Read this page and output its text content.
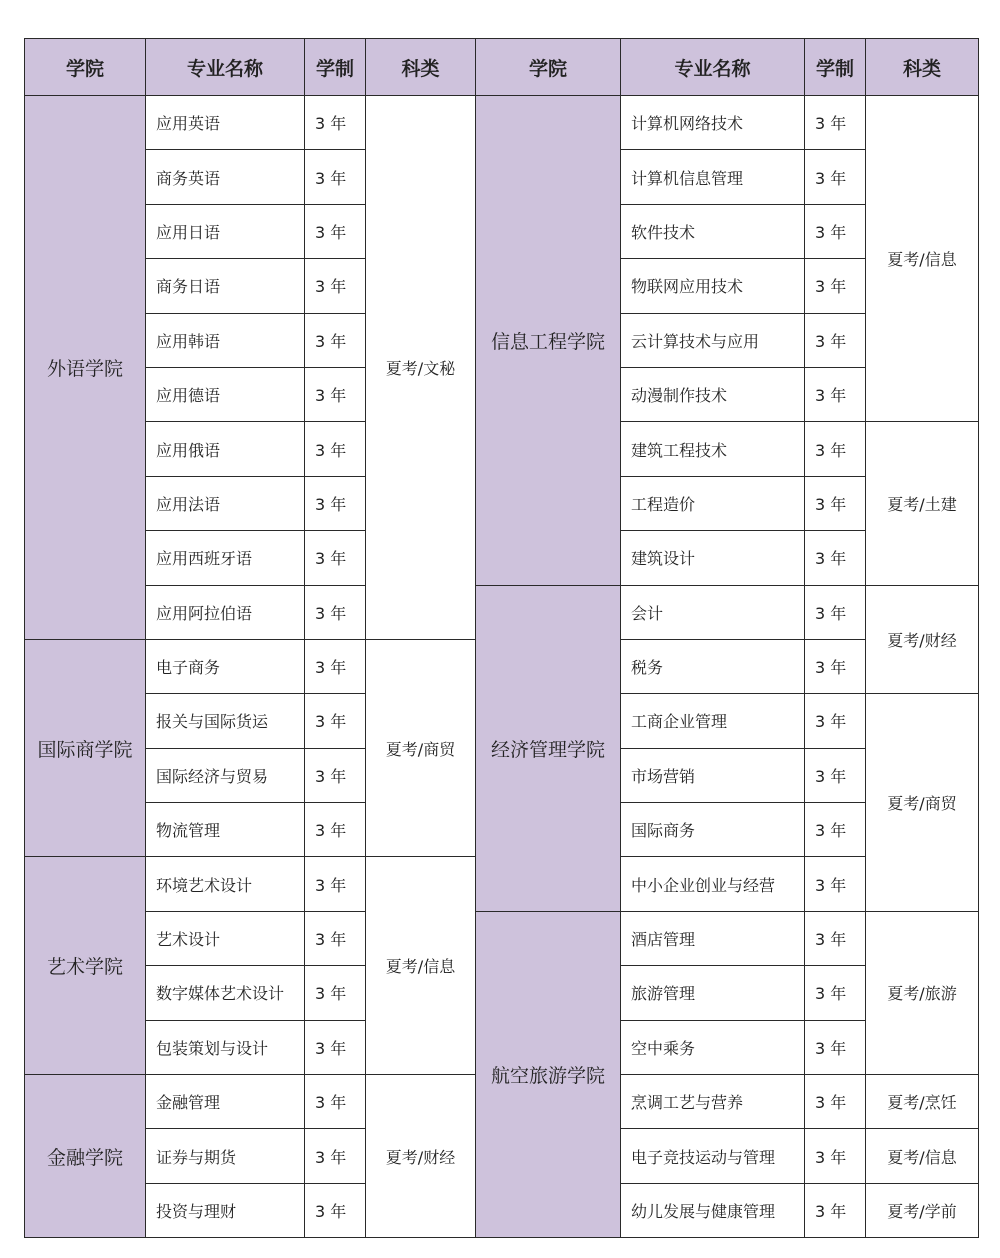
学院	专业名称	学制	科类	学院	专业名称	学制	科类
外语学院	应用英语	3 年	夏考/文秘	信息工程学院	计算机网络技术	3 年	夏考/信息
	商务英语	3 年			计算机信息管理	3 年	
	应用日语	3 年			软件技术	3 年	
	商务日语	3 年			物联网应用技术	3 年	
	应用韩语	3 年			云计算技术与应用	3 年	
	应用德语	3 年			动漫制作技术	3 年	
	应用俄语	3 年			建筑工程技术	3 年	夏考/土建
	应用法语	3 年			工程造价	3 年	
	应用西班牙语	3 年			建筑设计	3 年	
	应用阿拉伯语	3 年		经济管理学院	会计	3 年	夏考/财经
国际商学院	电子商务	3 年	夏考/商贸		税务	3 年	
	报关与国际货运	3 年			工商企业管理	3 年	夏考/商贸
	国际经济与贸易	3 年			市场营销	3 年	
	物流管理	3 年			国际商务	3 年	
艺术学院	环境艺术设计	3 年	夏考/信息		中小企业创业与经营	3 年	
	艺术设计	3 年		航空旅游学院	酒店管理	3 年	夏考/旅游
	数字媒体艺术设计	3 年			旅游管理	3 年	
	包装策划与设计	3 年			空中乘务	3 年	
金融学院	金融管理	3 年	夏考/财经		烹调工艺与营养	3 年	夏考/烹饪
	证券与期货	3 年			电子竞技运动与管理	3 年	夏考/信息
	投资与理财	3 年			幼儿发展与健康管理	3 年	夏考/学前
